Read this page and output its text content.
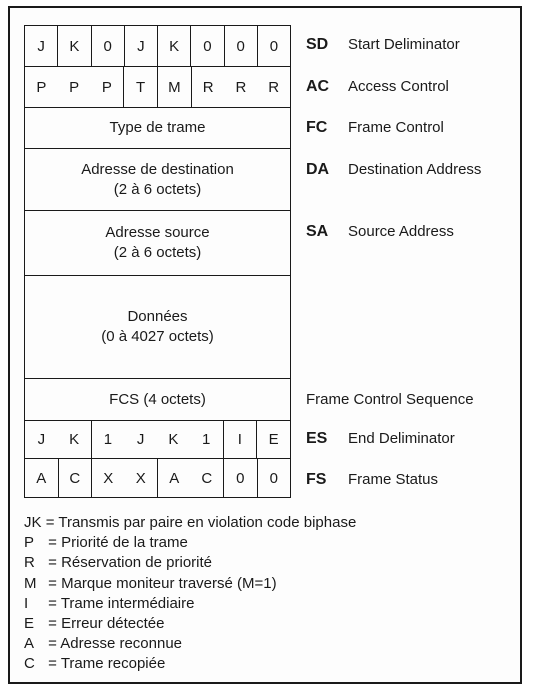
J	K	0	J	K	0	0	0
P	P	P	T	M	R	R	R
Type de trame
Adresse de destination
(2 à 6 octets)
Adresse source
(2 à 6 octets)
Données
(0 à 4027 octets)
FCS (4 octets)
J	K	1	J	K	1	I	E
A	C	X	X	A	C	0	0
SD Start Deliminator
AC Access Control
FC Frame Control
DA Destination Address
SA Source Address
Frame Control Sequence
ES End Deliminator
FS Frame Status
JK = Transmis par paire en violation code biphase
P = Priorité de la trame
R = Réservation de priorité
M = Marque moniteur traversé (M=1)
I = Trame intermédiaire
E = Erreur détectée
A = Adresse reconnue
C = Trame recopiée
